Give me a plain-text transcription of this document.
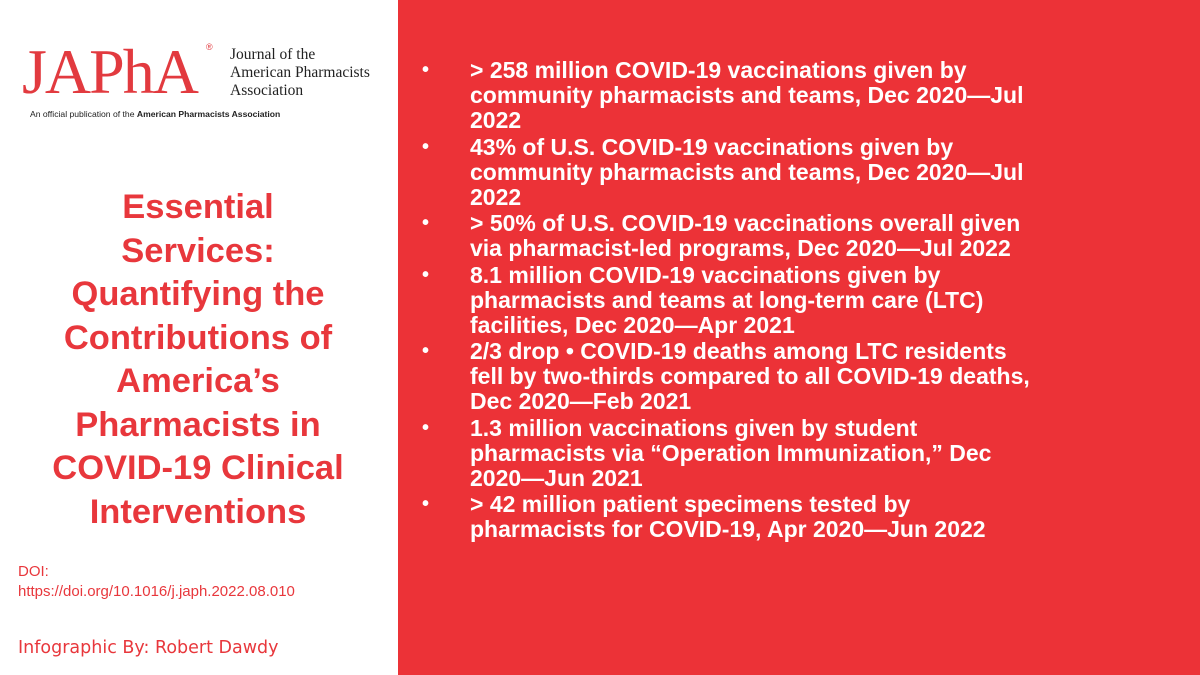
JAPhA ® Journal of the
American Pharmacists
Association
An official publication of the American Pharmacists Association
Essential
Services:
Quantifying the
Contributions of
America’s
Pharmacists in
COVID-19 Clinical
Interventions
DOI:
https://doi.org/10.1016/j.japh.2022.08.010
Infographic By: Robert Dawdy
•	> 258 million COVID-19 vaccinations given by
community pharmacists and teams, Dec 2020—Jul
2022
•	43% of U.S. COVID-19 vaccinations given by
community pharmacists and teams, Dec 2020—Jul
2022
•	> 50% of U.S. COVID-19 vaccinations overall given
via pharmacist-led programs, Dec 2020—Jul 2022
•	8.1 million COVID-19 vaccinations given by
pharmacists and teams at long-term care (LTC)
facilities, Dec 2020—Apr 2021
•	2/3 drop • COVID-19 deaths among LTC residents
fell by two-thirds compared to all COVID-19 deaths,
Dec 2020—Feb 2021
•	1.3 million vaccinations given by student
pharmacists via “Operation Immunization,” Dec
2020—Jun 2021
•	> 42 million patient specimens tested by
pharmacists for COVID-19, Apr 2020—Jun 2022
